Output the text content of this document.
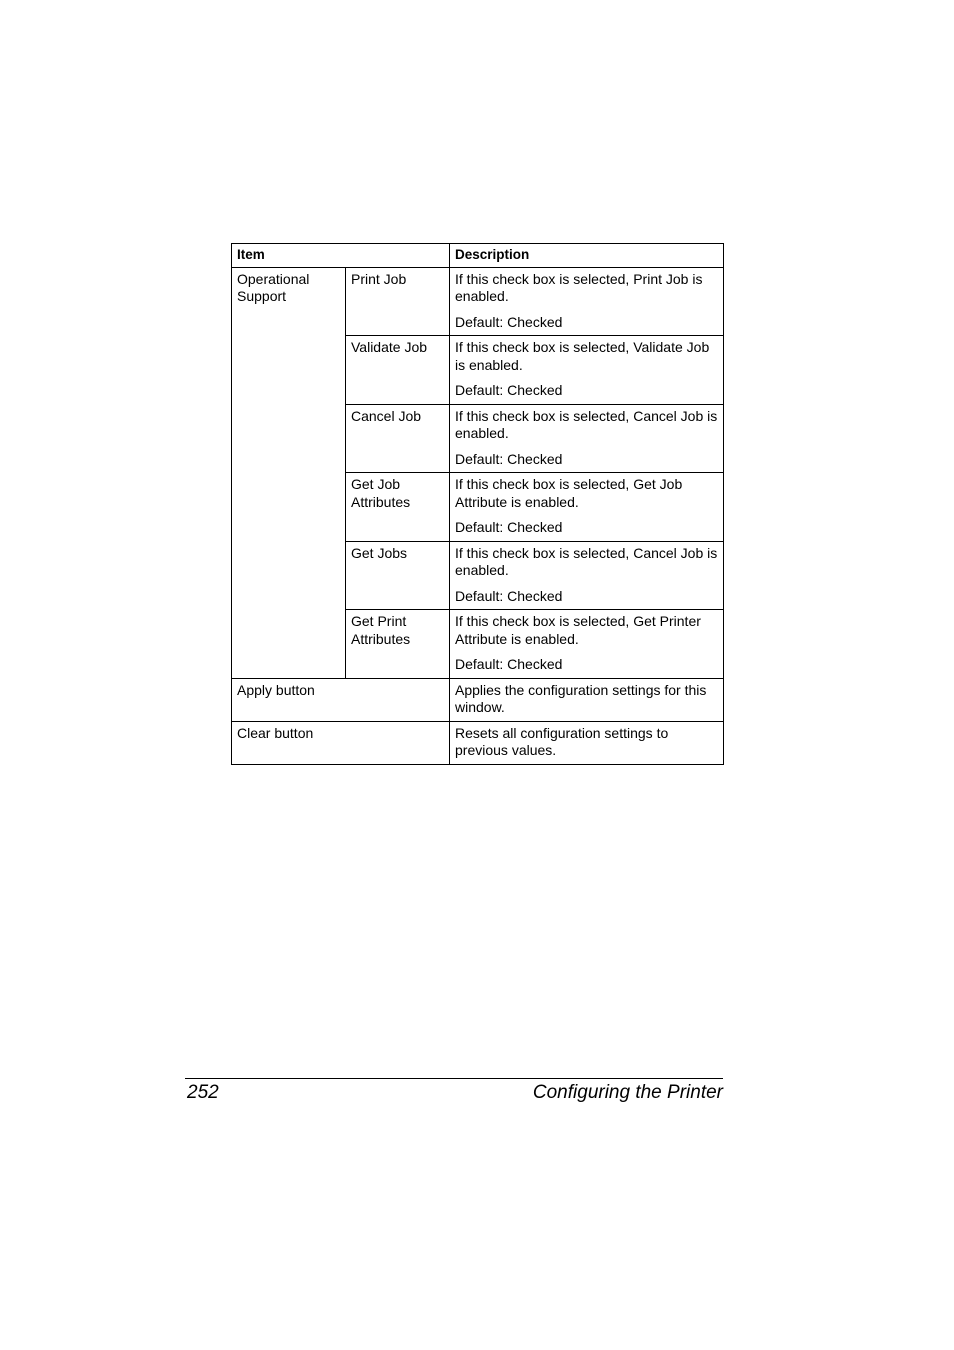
Item		Description
Operational Support	Print Job	If this check box is selected, Print Job is enabled.

Default: Checked

	Validate Job	If this check box is selected, Validate Job is enabled.

Default: Checked

	Cancel Job	If this check box is selected, Cancel Job is enabled.

Default: Checked

	Get Job Attributes	If this check box is selected, Get Job Attribute is enabled.

Default: Checked

	Get Jobs	If this check box is selected, Cancel Job is enabled.

Default: Checked

	Get Print Attributes	If this check box is selected, Get Printer Attribute is enabled.

Default: Checked

Apply button		Applies the configuration settings for this window.
Clear button		Resets all configuration settings to previous values.
252	Configuring the Printer
